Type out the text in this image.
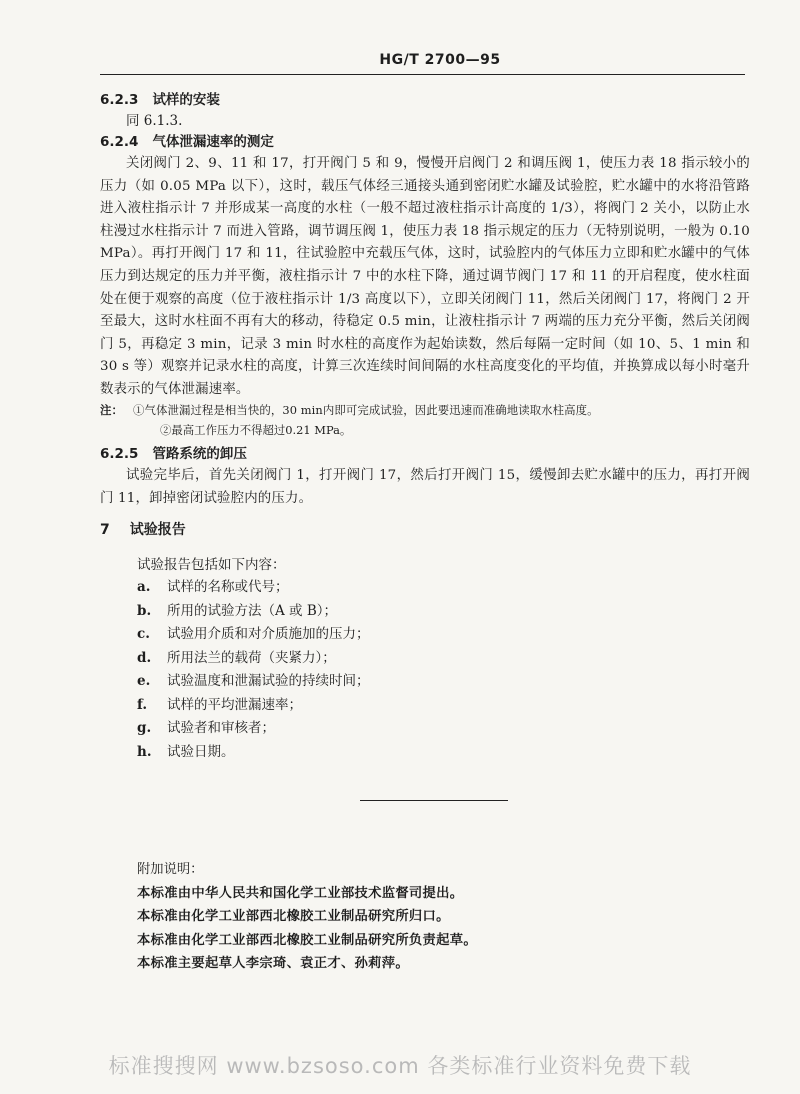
HG/T 2700—95
6.2.3 试样的安装
同 6.1.3.
6.2.4 气体泄漏速率的测定
关闭阀门 2、9、11 和 17，打开阀门 5 和 9，慢慢开启阀门 2 和调压阀 1，使压力表 18 指示较小的压力（如 0.05 MPa 以下），这时，载压气体经三通接头通到密闭贮水罐及试验腔，贮水罐中的水将沿管路进入液柱指示计 7 并形成某一高度的水柱（一般不超过液柱指示计高度的 1/3），将阀门 2 关小，以防止水柱漫过水柱指示计 7 而进入管路，调节调压阀 1，使压力表 18 指示规定的压力（无特别说明，一般为 0.10 MPa）。再打开阀门 17 和 11，往试验腔中充载压气体，这时，试验腔内的气体压力立即和贮水罐中的气体压力到达规定的压力并平衡，液柱指示计 7 中的水柱下降，通过调节阀门 17 和 11 的开启程度，使水柱面处在便于观察的高度（位于液柱指示计 1/3 高度以下），立即关闭阀门 11，然后关闭阀门 17，将阀门 2 开至最大，这时水柱面不再有大的移动，待稳定 0.5 min，让液柱指示计 7 两端的压力充分平衡，然后关闭阀门 5，再稳定 3 min，记录 3 min 时水柱的高度作为起始读数，然后每隔一定时间（如 10、5、1 min 和 30 s 等）观察并记录水柱的高度，计算三次连续时间间隔的水柱高度变化的平均值，并换算成以每小时毫升数表示的气体泄漏速率。
注： ①气体泄漏过程是相当快的，30 min内即可完成试验，因此要迅速而准确地读取水柱高度。
②最高工作压力不得超过0.21 MPa。
6.2.5 管路系统的卸压
试验完毕后，首先关闭阀门 1，打开阀门 17，然后打开阀门 15，缓慢卸去贮水罐中的压力，再打开阀门 11，卸掉密闭试验腔内的压力。
7 试验报告
试验报告包括如下内容：
a. 试样的名称或代号；
b. 所用的试验方法（A 或 B）；
c. 试验用介质和对介质施加的压力；
d. 所用法兰的载荷（夹紧力）；
e. 试验温度和泄漏试验的持续时间；
f. 试样的平均泄漏速率；
g. 试验者和审核者；
h. 试验日期。
附加说明：
本标准由中华人民共和国化学工业部技术监督司提出。
本标准由化学工业部西北橡胶工业制品研究所归口。
本标准由化学工业部西北橡胶工业制品研究所负责起草。
本标准主要起草人李宗琦、袁正才、孙莉萍。
标准搜搜网 www.bzsoso.com 各类标准行业资料免费下载
